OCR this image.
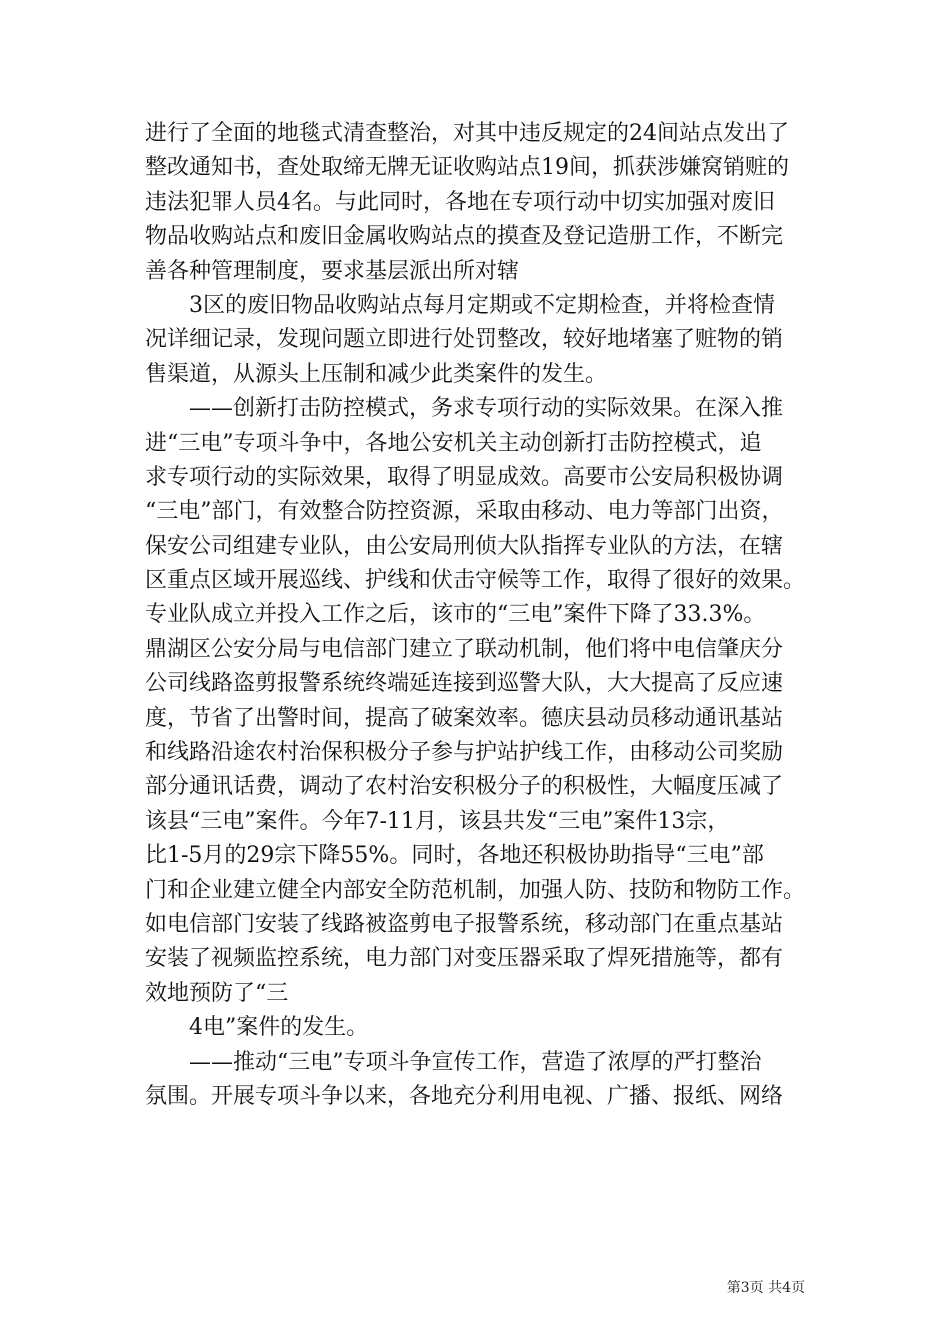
进行了全面的地毯式清查整治，对其中违反规定的24间站点发出了
整改通知书，查处取缔无牌无证收购站点19间，抓获涉嫌窝销赃的
违法犯罪人员4名。与此同时，各地在专项行动中切实加强对废旧
物品收购站点和废旧金属收购站点的摸查及登记造册工作，不断完
善各种管理制度，要求基层派出所对辖
3区的废旧物品收购站点每月定期或不定期检查，并将检查情
况详细记录，发现问题立即进行处罚整改，较好地堵塞了赃物的销
售渠道，从源头上压制和减少此类案件的发生。
——创新打击防控模式，务求专项行动的实际效果。在深入推
进“三电”专项斗争中，各地公安机关主动创新打击防控模式，追
求专项行动的实际效果，取得了明显成效。高要市公安局积极协调
“三电”部门，有效整合防控资源，采取由移动、电力等部门出资，
保安公司组建专业队，由公安局刑侦大队指挥专业队的方法，在辖
区重点区域开展巡线、护线和伏击守候等工作，取得了很好的效果。
专业队成立并投入工作之后，该市的“三电”案件下降了33.3%。
鼎湖区公安分局与电信部门建立了联动机制，他们将中电信肇庆分
公司线路盗剪报警系统终端延连接到巡警大队，大大提高了反应速
度，节省了出警时间，提高了破案效率。德庆县动员移动通讯基站
和线路沿途农村治保积极分子参与护站护线工作，由移动公司奖励
部分通讯话费，调动了农村治安积极分子的积极性，大幅度压减了
该县“三电”案件。今年7-11月，该县共发“三电”案件13宗，
比1-5月的29宗下降55%。同时，各地还积极协助指导“三电”部
门和企业建立健全内部安全防范机制，加强人防、技防和物防工作。
如电信部门安装了线路被盗剪电子报警系统，移动部门在重点基站
安装了视频监控系统，电力部门对变压器采取了焊死措施等，都有
效地预防了“三
4电”案件的发生。
——推动“三电”专项斗争宣传工作，营造了浓厚的严打整治
氛围。开展专项斗争以来，各地充分利用电视、广播、报纸、网络
第3页 共4页
